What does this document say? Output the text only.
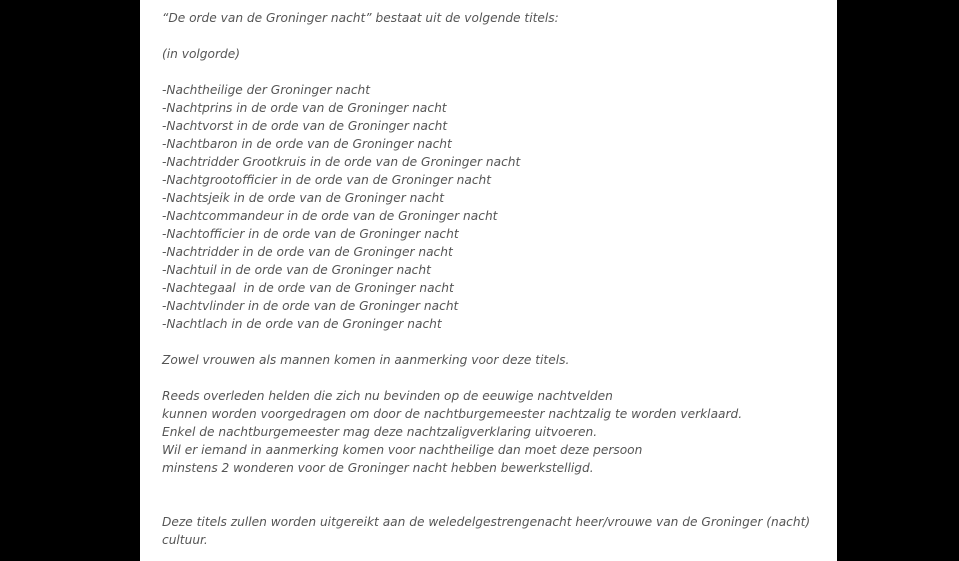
“De orde van de Groninger nacht” bestaat uit de volgende titels:
(in volgorde)
-Nachtheilige der Groninger nacht
-Nachtprins in de orde van de Groninger nacht
-Nachtvorst in de orde van de Groninger nacht
-Nachtbaron in de orde van de Groninger nacht
-Nachtridder Grootkruis in de orde van de Groninger nacht
-Nachtgrootofficier in de orde van de Groninger nacht
-Nachtsjeik in de orde van de Groninger nacht
-Nachtcommandeur in de orde van de Groninger nacht
-Nachtofficier in de orde van de Groninger nacht
-Nachtridder in de orde van de Groninger nacht
-Nachtuil in de orde van de Groninger nacht
-Nachtegaal  in de orde van de Groninger nacht
-Nachtvlinder in de orde van de Groninger nacht
-Nachtlach in de orde van de Groninger nacht
Zowel vrouwen als mannen komen in aanmerking voor deze titels.
Reeds overleden helden die zich nu bevinden op de eeuwige nachtvelden
kunnen worden voorgedragen om door de nachtburgemeester nachtzalig te worden verklaard.
Enkel de nachtburgemeester mag deze nachtzaligverklaring uitvoeren.
Wil er iemand in aanmerking komen voor nachtheilige dan moet deze persoon
minstens 2 wonderen voor de Groninger nacht hebben bewerkstelligd.
Deze titels zullen worden uitgereikt aan de weledelgestrengenacht heer/vrouwe van de Groninger (nacht)
cultuur.
